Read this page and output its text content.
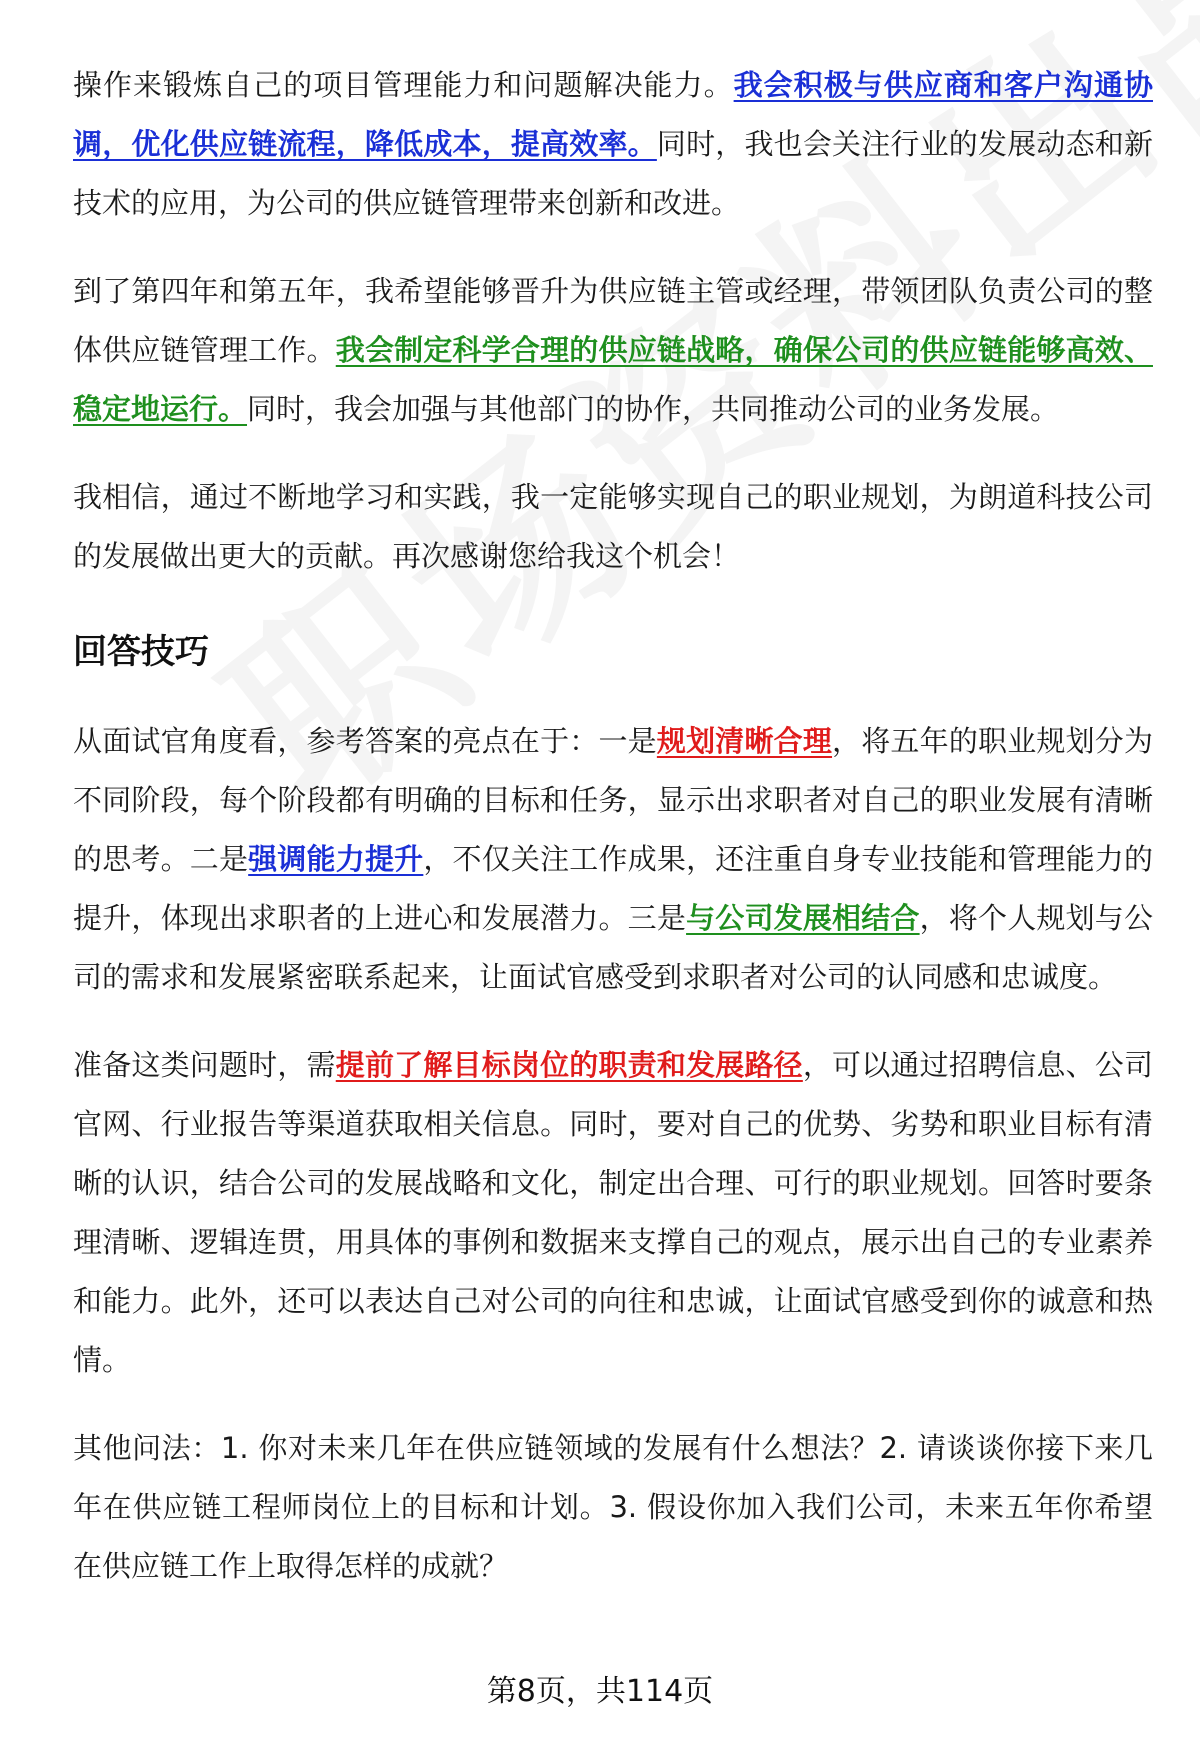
操作来锻炼自己的项目管理能力和问题解决能力。我会积极与供应商和客户沟通协调，优化供应链流程，降低成本，提高效率。同时，我也会关注行业的发展动态和新技术的应用，为公司的供应链管理带来创新和改进。

到了第四年和第五年，我希望能够晋升为供应链主管或经理，带领团队负责公司的整体供应链管理工作。我会制定科学合理的供应链战略，确保公司的供应链能够高效、稳定地运行。同时，我会加强与其他部门的协作，共同推动公司的业务发展。

我相信，通过不断地学习和实践，我一定能够实现自己的职业规划，为朗道科技公司的发展做出更大的贡献。再次感谢您给我这个机会！

回答技巧

从面试官角度看，参考答案的亮点在于：一是规划清晰合理，将五年的职业规划分为不同阶段，每个阶段都有明确的目标和任务，显示出求职者对自己的职业发展有清晰的思考。二是强调能力提升，不仅关注工作成果，还注重自身专业技能和管理能力的提升，体现出求职者的上进心和发展潜力。三是与公司发展相结合，将个人规划与公司的需求和发展紧密联系起来，让面试官感受到求职者对公司的认同感和忠诚度。

准备这类问题时，需提前了解目标岗位的职责和发展路径，可以通过招聘信息、公司官网、行业报告等渠道获取相关信息。同时，要对自己的优势、劣势和职业目标有清晰的认识，结合公司的发展战略和文化，制定出合理、可行的职业规划。回答时要条理清晰、逻辑连贯，用具体的事例和数据来支撑自己的观点，展示出自己的专业素养和能力。此外，还可以表达自己对公司的向往和忠诚，让面试官感受到你的诚意和热情。

其他问法：1. 你对未来几年在供应链领域的发展有什么想法？2. 请谈谈你接下来几年在供应链工程师岗位上的目标和计划。3. 假设你加入我们公司，未来五年你希望在供应链工作上取得怎样的成就？

第8页，共114页
